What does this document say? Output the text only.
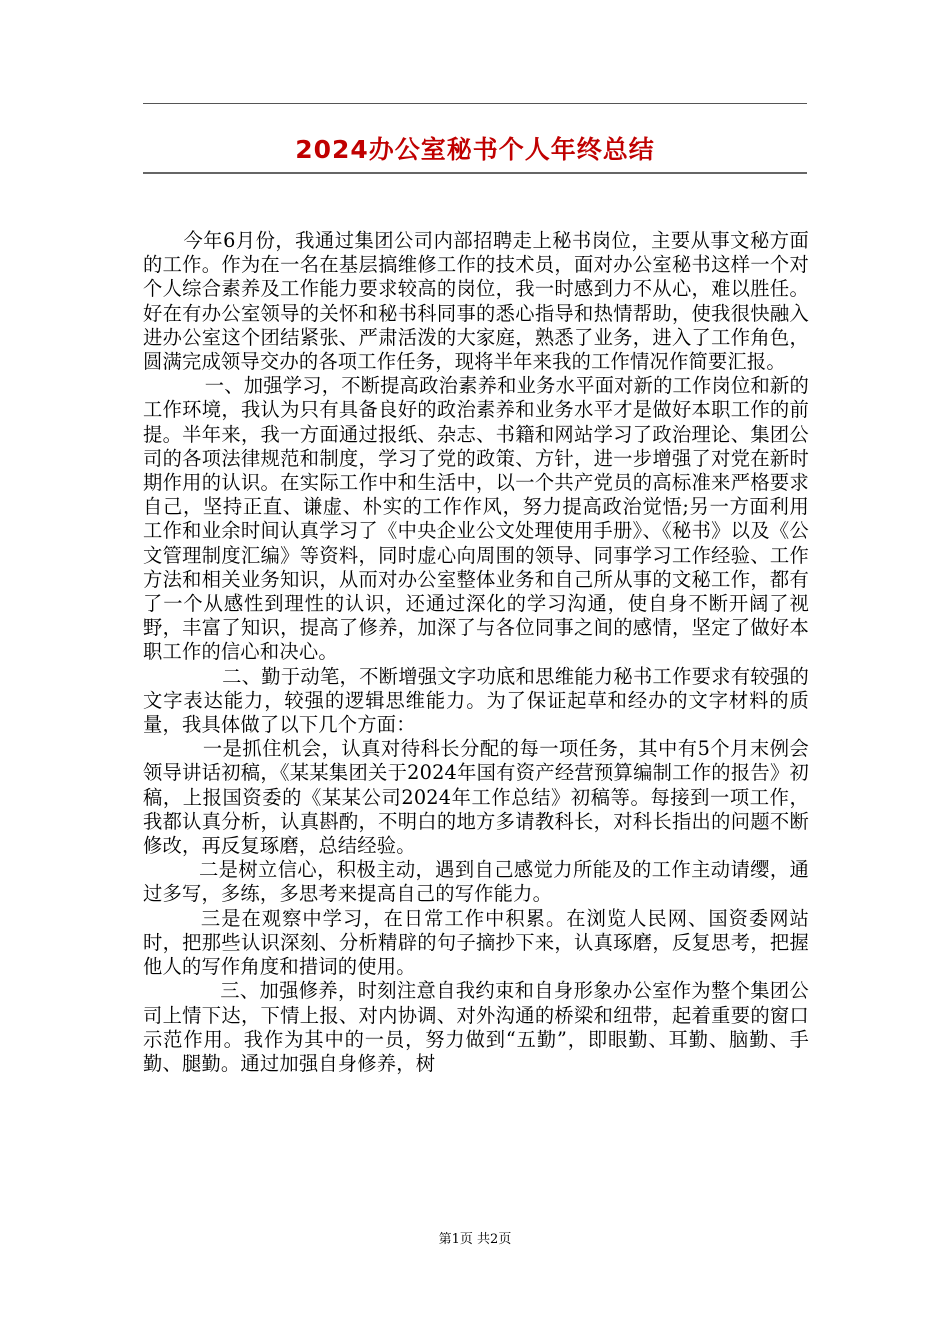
2024办公室秘书个人年终总结

今年6月份，我通过集团公司内部招聘走上秘书岗位，主要从事文秘方面的工作。作为在一名在基层搞维修工作的技术员，面对办公室秘书这样一个对个人综合素养及工作能力要求较高的岗位，我一时感到力不从心，难以胜任。好在有办公室领导的关怀和秘书科同事的悉心指导和热情帮助，使我很快融入进办公室这个团结紧张、严肃活泼的大家庭，熟悉了业务，进入了工作角色，圆满完成领导交办的各项工作任务，现将半年来我的工作情况作简要汇报。

一、加强学习，不断提高政治素养和业务水平面对新的工作岗位和新的工作环境，我认为只有具备良好的政治素养和业务水平才是做好本职工作的前提。半年来，我一方面通过报纸、杂志、书籍和网站学习了政治理论、集团公司的各项法律规范和制度，学习了党的政策、方针，进一步增强了对党在新时期作用的认识。在实际工作中和生活中，以一个共产党员的高标准来严格要求自己，坚持正直、谦虚、朴实的工作作风，努力提高政治觉悟;另一方面利用工作和业余时间认真学习了《中央企业公文处理使用手册》、《秘书》以及《公文管理制度汇编》等资料，同时虚心向周围的领导、同事学习工作经验、工作方法和相关业务知识，从而对办公室整体业务和自己所从事的文秘工作，都有了一个从感性到理性的认识，还通过深化的学习沟通，使自身不断开阔了视野，丰富了知识，提高了修养，加深了与各位同事之间的感情，坚定了做好本职工作的信心和决心。

二、勤于动笔，不断增强文字功底和思维能力秘书工作要求有较强的文字表达能力，较强的逻辑思维能力。为了保证起草和经办的文字材料的质量，我具体做了以下几个方面：

一是抓住机会，认真对待科长分配的每一项任务，其中有5个月末例会领导讲话初稿，《某某集团关于2024年国有资产经营预算编制工作的报告》初稿，上报国资委的《某某公司2024年工作总结》初稿等。每接到一项工作，我都认真分析，认真斟酌，不明白的地方多请教科长，对科长指出的问题不断修改，再反复琢磨，总结经验。

二是树立信心，积极主动，遇到自己感觉力所能及的工作主动请缨，通过多写，多练，多思考来提高自己的写作能力。

三是在观察中学习，在日常工作中积累。在浏览人民网、国资委网站时，把那些认识深刻、分析精辟的句子摘抄下来，认真琢磨，反复思考，把握他人的写作角度和措词的使用。

三、加强修养，时刻注意自我约束和自身形象办公室作为整个集团公司上情下达，下情上报、对内协调、对外沟通的桥梁和纽带，起着重要的窗口示范作用。我作为其中的一员，努力做到“五勤”，即眼勤、耳勤、脑勤、手勤、腿勤。通过加强自身修养，树

第1页 共2页
